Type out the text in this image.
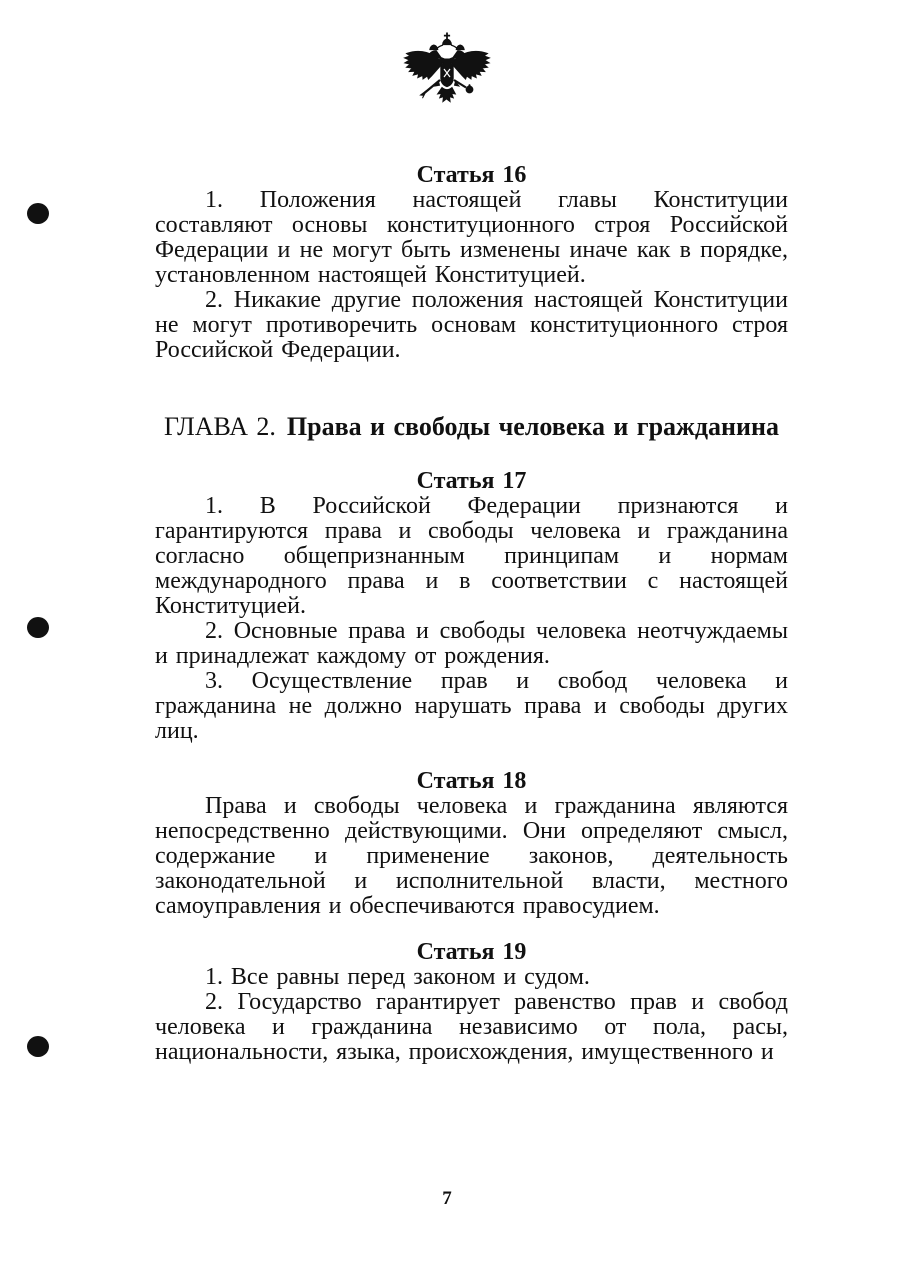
Статья 16

1. Положения настоящей главы Конституции составляют основы конституционного строя Российской Федерации и не могут быть изменены иначе как в порядке, установленном настоящей Конституцией.

2. Никакие другие положения настоящей Конституции не могут противоречить основам конституционного строя Российской Федерации.

ГЛАВА 2. Права и свободы человека и гражданина
Статья 17

1. В Российской Федерации признаются и гарантируются права и свободы человека и гражданина согласно общепризнанным принципам и нормам международного права и в соответствии с настоящей Конституцией.

2. Основные права и свободы человека неотчуждаемы и принадлежат каждому от рождения.

3. Осуществление прав и свобод человека и гражданина не должно нарушать права и свободы других лиц.

Статья 18

Права и свободы человека и гражданина являются непосредственно действующими. Они определяют смысл, содержание и применение законов, деятельность законодательной и исполнительной власти, местного самоуправления и обеспечиваются правосудием.

Статья 19

1. Все равны перед законом и судом.

2. Государство гарантирует равенство прав и свобод человека и гражданина независимо от пола, расы, национальности, языка, происхождения, имущественного и

7
